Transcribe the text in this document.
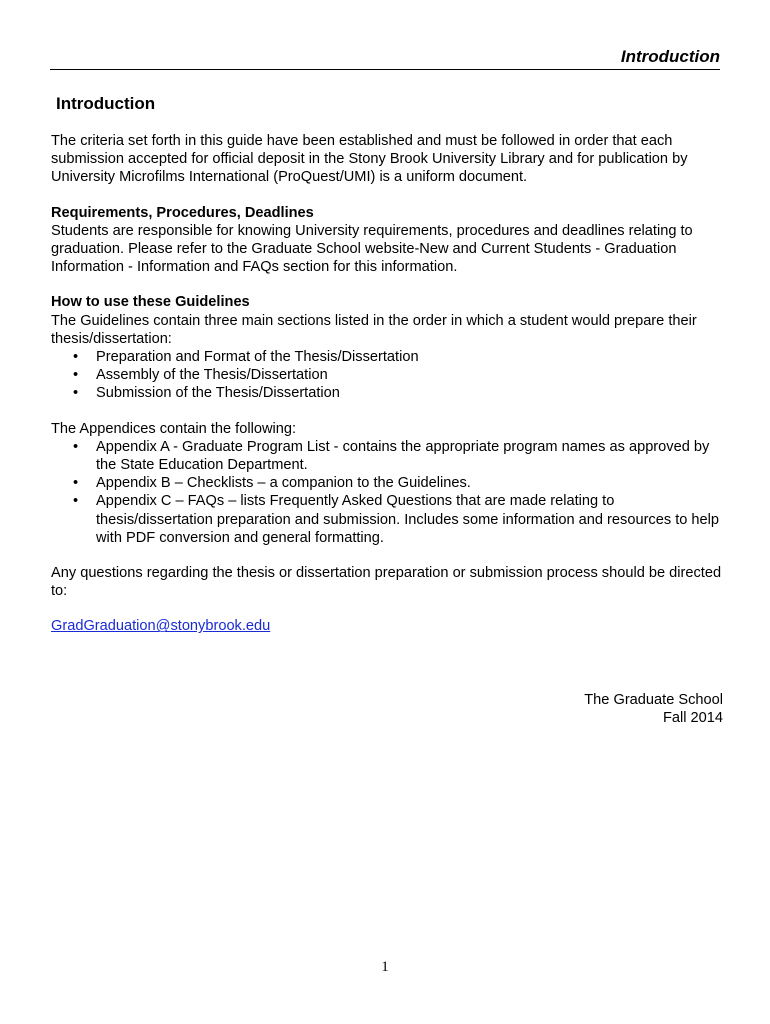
Introduction
Introduction

The criteria set forth in this guide have been established and must be followed in order that each submission accepted for official deposit in the Stony Brook University Library and for publication by University Microfilms International (ProQuest/UMI) is a uniform document.

Requirements, Procedures, Deadlines

Students are responsible for knowing University requirements, procedures and deadlines relating to graduation. Please refer to the Graduate School website-New and Current Students - Graduation Information - Information and FAQs section for this information.

How to use these Guidelines

The Guidelines contain three main sections listed in the order in which a student would prepare their thesis/dissertation:

• Preparation and Format of the Thesis/Dissertation
• Assembly of the Thesis/Dissertation
• Submission of the Thesis/Dissertation

The Appendices contain the following:

• Appendix A - Graduate Program List - contains the appropriate program names as approved by the State Education Department.
• Appendix B – Checklists – a companion to the Guidelines.
• Appendix C – FAQs – lists Frequently Asked Questions that are made relating to thesis/dissertation preparation and submission. Includes some information and resources to help with PDF conversion and general formatting.

Any questions regarding the thesis or dissertation preparation or submission process should be directed to:

GradGraduation@stonybrook.edu

The Graduate School

Fall 2014

1
